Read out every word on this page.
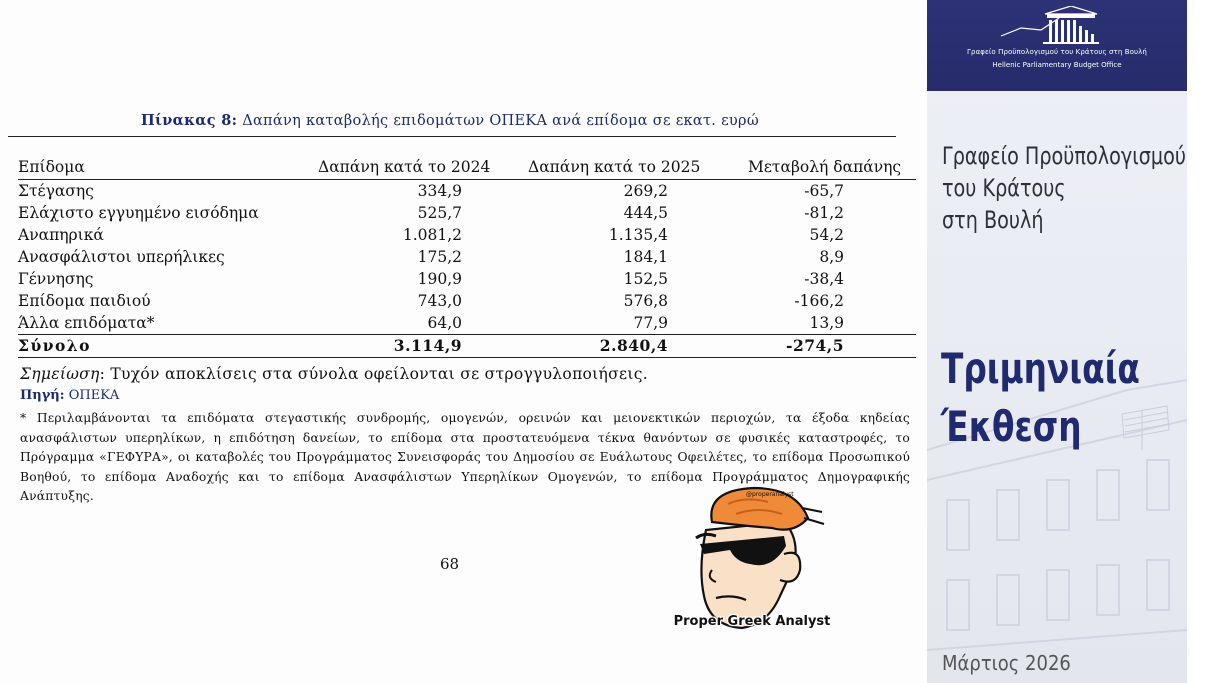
Πίνακας 8: Δαπάνη καταβολής επιδομάτων ΟΠΕΚΑ ανά επίδομα σε εκατ. ευρώ
Επίδομα	Δαπάνη κατά το 2024	Δαπάνη κατά το 2025	Μεταβολή δαπάνης
Στέγασης	334,9	269,2	-65,7
Ελάχιστο εγγυημένο εισόδημα	525,7	444,5	-81,2
Αναπηρικά	1.081,2	1.135,4	54,2
Ανασφάλιστοι υπερήλικες	175,2	184,1	8,9
Γέννησης	190,9	152,5	-38,4
Επίδομα παιδιού	743,0	576,8	-166,2
Άλλα επιδόματα*	64,0	77,9	13,9
Σύνολο	3.114,9	2.840,4	-274,5
Σημείωση: Τυχόν αποκλίσεις στα σύνολα οφείλονται σε στρογγυλοποιήσεις.
Πηγή: ΟΠΕΚΑ
* Περιλαμβάνονται τα επιδόματα στεγαστικής συνδρομής, ομογενών, ορεινών και μειονεκτικών περιοχών, τα έξοδα κηδείας ανασφάλιστων υπερηλίκων, η επιδότηση δανείων, το επίδομα στα προστατευόμενα τέκνα θανόντων σε φυσικές καταστροφές, το Πρόγραμμα «ΓΕΦΥΡΑ», οι καταβολές του Προγράμματος Συνεισφοράς του Δημοσίου σε Ευάλωτους Οφειλέτες, το επίδομα Προσωπικού Βοηθού, το επίδομα Αναδοχής και το επίδομα Ανασφάλιστων Υπερηλίκων Ομογενών, το επίδομα Προγράμματος Δημογραφικής Ανάπτυξης.
68
@properanalyst
Proper Greek Analyst
Γραφείο Προϋπολογισμού του Κράτους στη Βουλή
Hellenic Parliamentary Budget Office
Γραφείο Προϋπολογισμού
του Κράτους
στη Βουλή
Τριμηνιαία
Έκθεση
Μάρτιος 2026
